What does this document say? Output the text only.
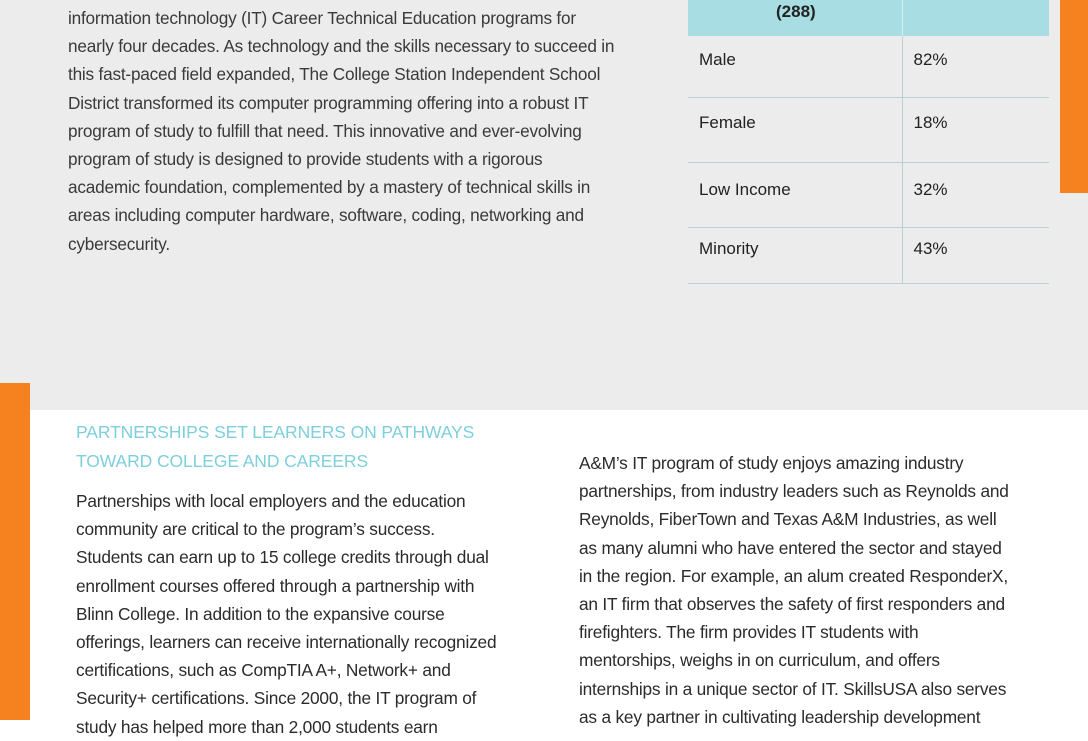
information technology (IT) Career Technical Education programs for

nearly four decades. As technology and the skills necessary to succeed in

this fast-paced field expanded, The College Station Independent School

District transformed its computer programming offering into a robust IT

program of study to fulfill that need. This innovative and ever-evolving

program of study is designed to provide students with a rigorous

academic foundation, complemented by a mastery of technical skills in

areas including computer hardware, software, coding, networking and

cybersecurity.

(288)	
Male	82%
Female	18%
Low Income	32%
Minority	43%
PARTNERSHIPS SET LEARNERS ON PATHWAYS
TOWARD COLLEGE AND CAREERS

Partnerships with local employers and the education

community are critical to the program’s success.

Students can earn up to 15 college credits through dual

enrollment courses offered through a partnership with

Blinn College. In addition to the expansive course

offerings, learners can receive internationally recognized

certifications, such as CompTIA A+, Network+ and

Security+ certifications. Since 2000, the IT program of

study has helped more than 2,000 students earn

A&M’s IT program of study enjoys amazing industry

partnerships, from industry leaders such as Reynolds and

Reynolds, FiberTown and Texas A&M Industries, as well

as many alumni who have entered the sector and stayed

in the region. For example, an alum created ResponderX,

an IT firm that observes the safety of first responders and

firefighters. The firm provides IT students with

mentorships, weighs in on curriculum, and offers

internships in a unique sector of IT. SkillsUSA also serves

as a key partner in cultivating leadership development
